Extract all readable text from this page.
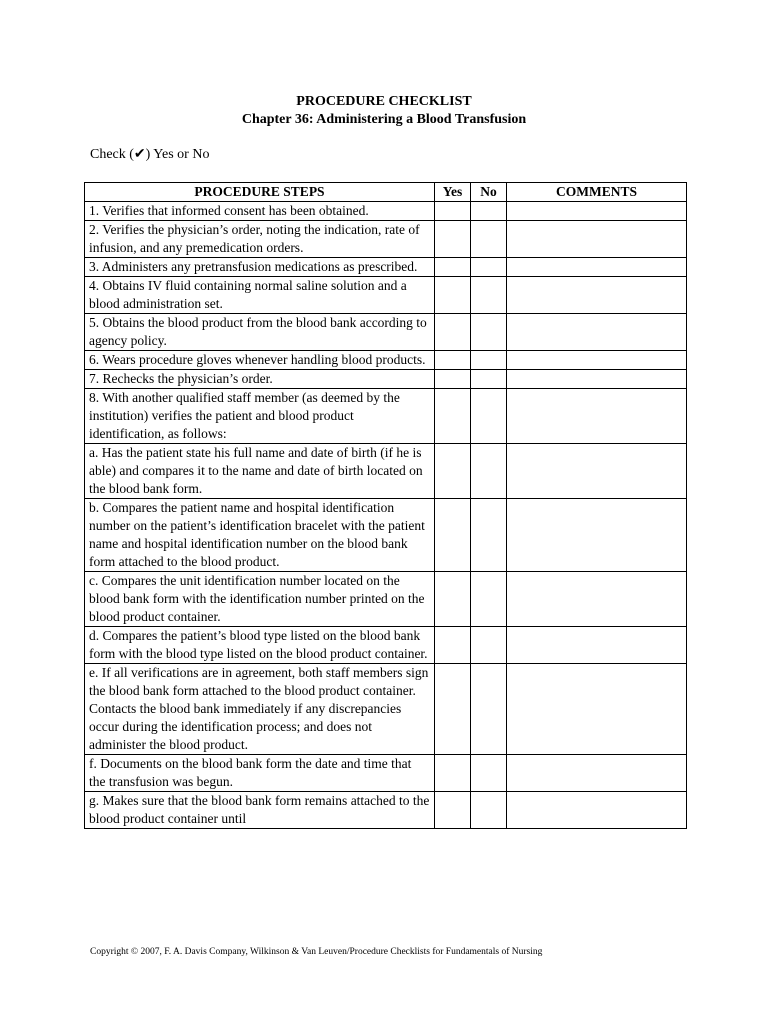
PROCEDURE CHECKLIST
Chapter 36: Administering a Blood Transfusion
Check (✔) Yes or No
PROCEDURE STEPS	Yes	No	COMMENTS
1. Verifies that informed consent has been obtained.			
2. Verifies the physician’s order, noting the indication, rate of infusion, and any premedication orders.			
3. Administers any pretransfusion medications as prescribed.			
4. Obtains IV fluid containing normal saline solution and a blood administration set.			
5. Obtains the blood product from the blood bank according to agency policy.			
6. Wears procedure gloves whenever handling blood products.			
7. Rechecks the physician’s order.			
8. With another qualified staff member (as deemed by the institution) verifies the patient and blood product identification, as follows:			
a. Has the patient state his full name and date of birth (if he is able) and compares it to the name and date of birth located on the blood bank form.			
b. Compares the patient name and hospital identification number on the patient’s identification bracelet with the patient name and hospital identification number on the blood bank form attached to the blood product.			
c. Compares the unit identification number located on the blood bank form with the identification number printed on the blood product container.			
d. Compares the patient’s blood type listed on the blood bank form with the blood type listed on the blood product container.			
e. If all verifications are in agreement, both staff members sign the blood bank form attached to the blood product container. Contacts the blood bank immediately if any discrepancies occur during the identification process; and does not administer the blood product.			
f. Documents on the blood bank form the date and time that the transfusion was begun.			
g. Makes sure that the blood bank form remains attached to the blood product container until			
Copyright © 2007, F. A. Davis Company, Wilkinson & Van Leuven/Procedure Checklists for Fundamentals of Nursing
